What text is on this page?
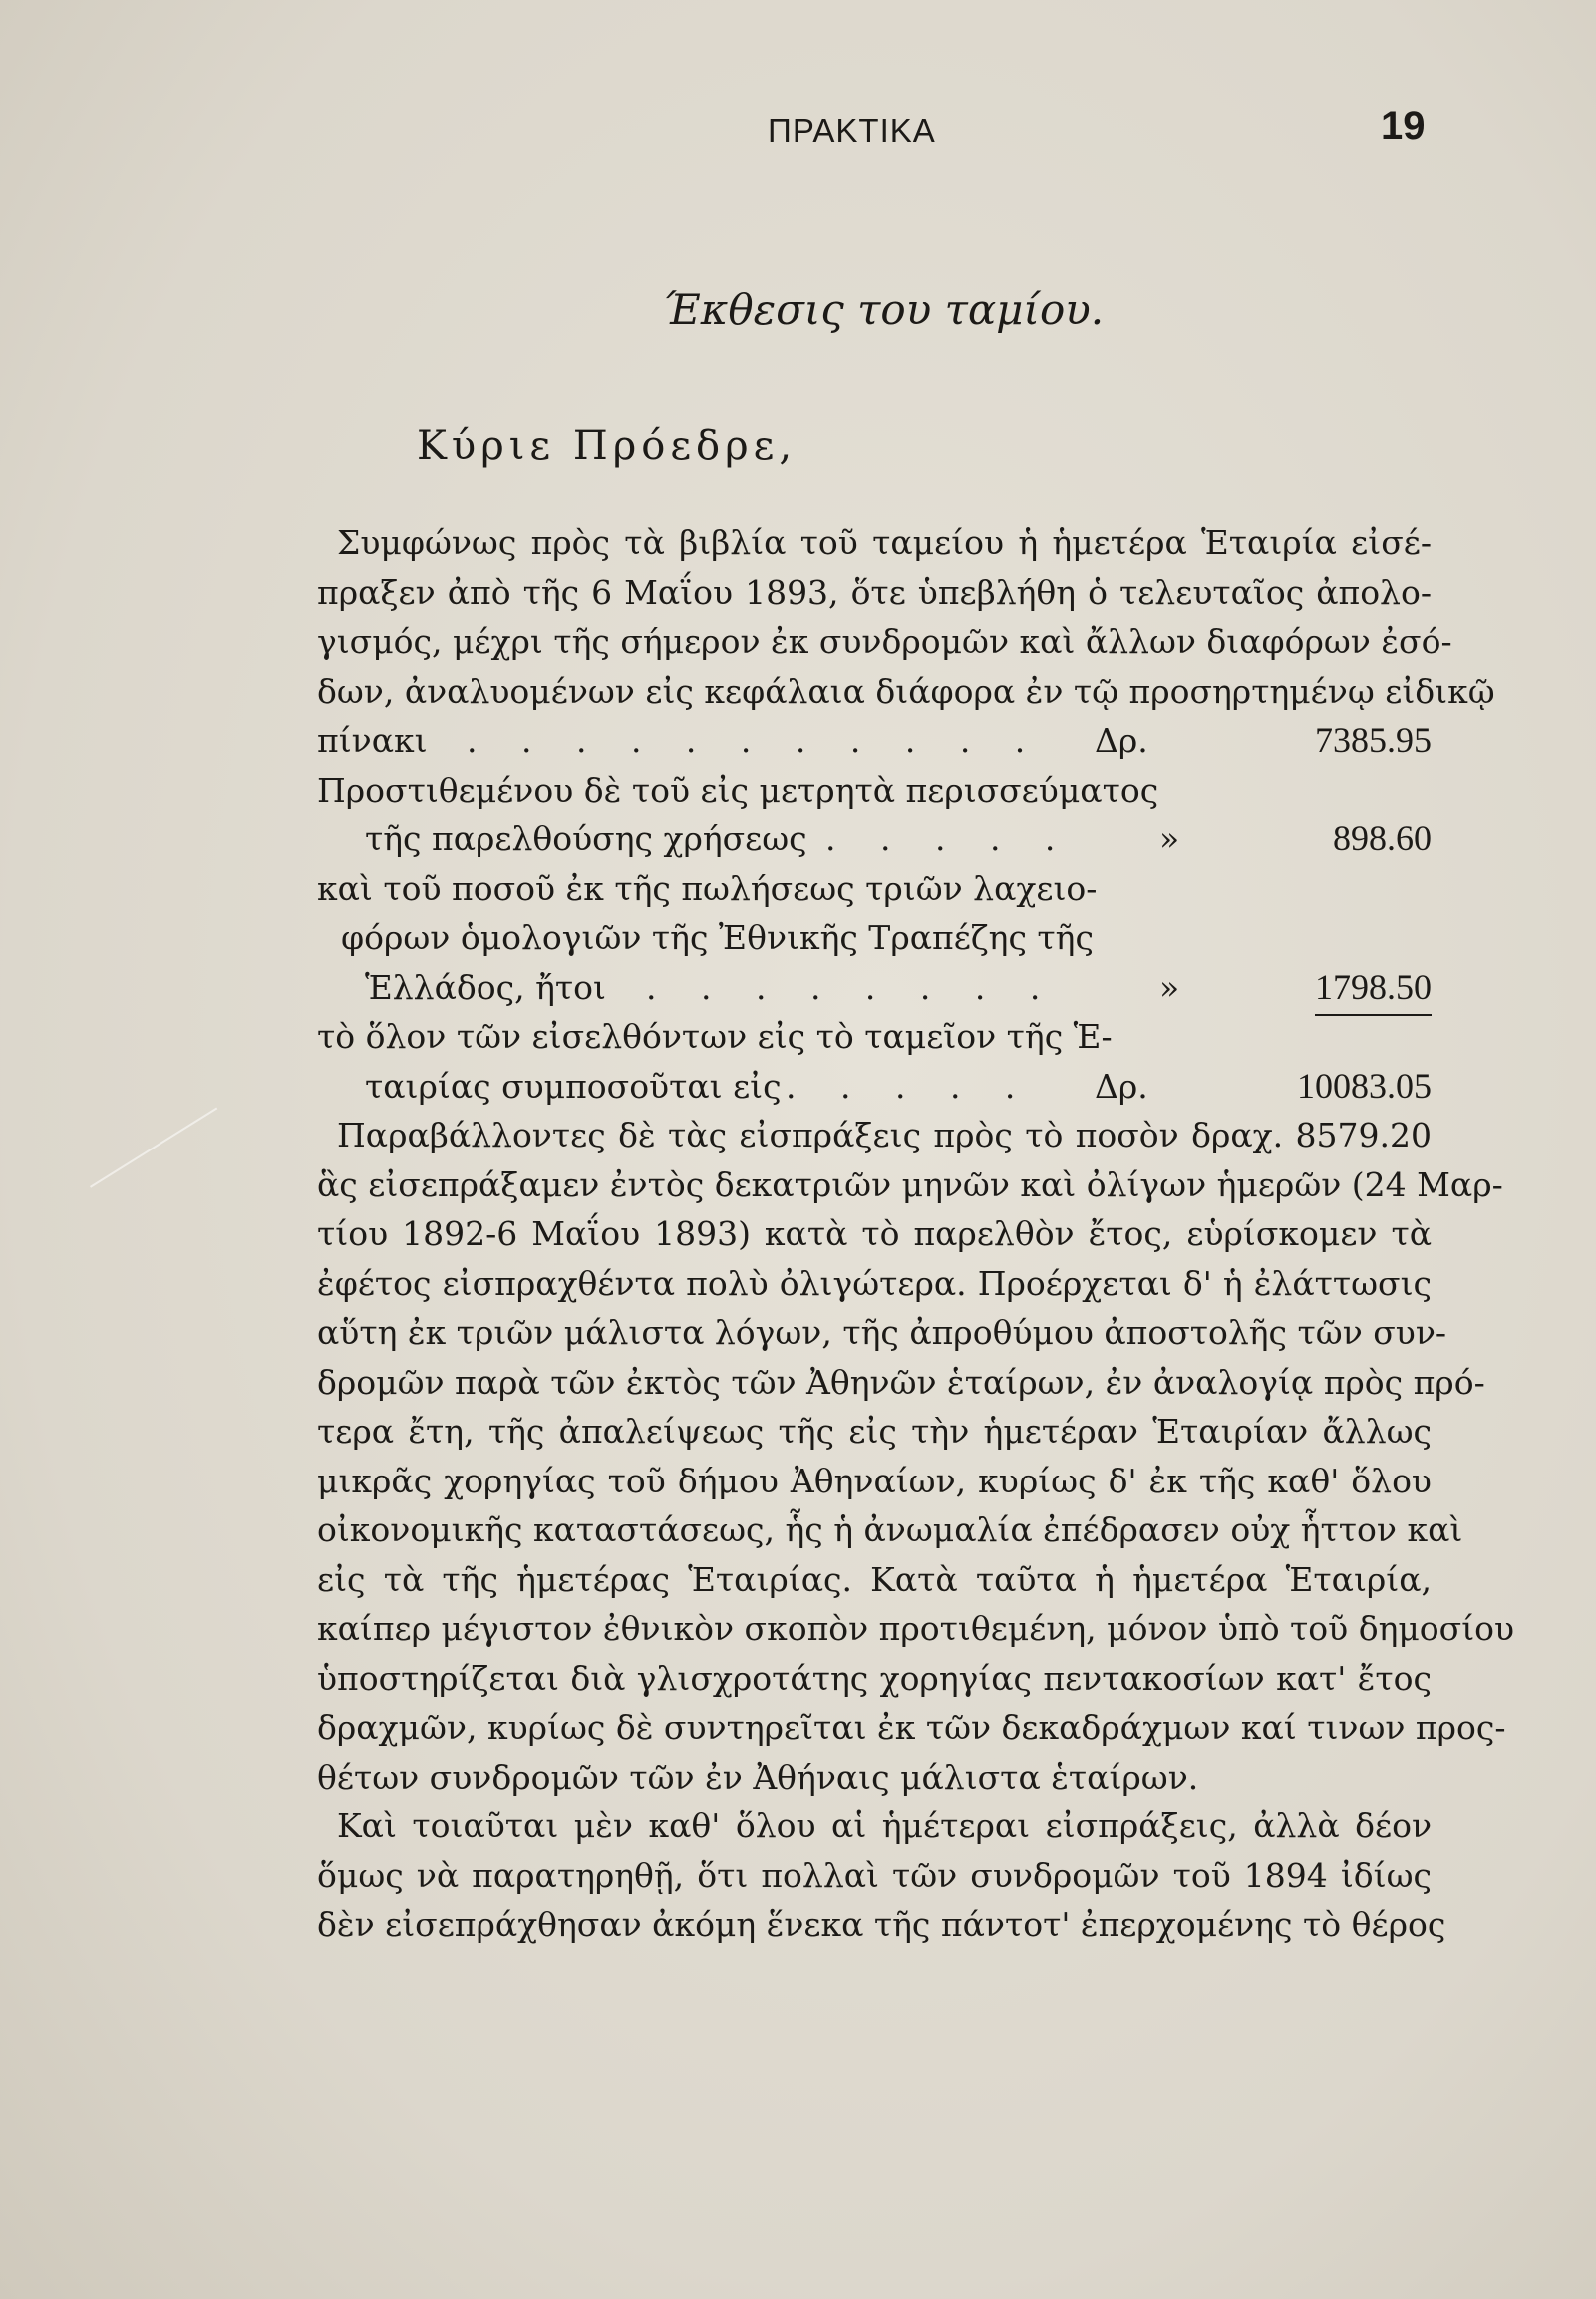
ΠΡΑΚΤΙΚΑ	19
Έκθεσις του ταμίου.
Κύριε Πρόεδρε,
Συμφώνως πρὸς τὰ βιβλία τοῦ ταμείου ἡ ἡμετέρα Ἑταιρία εἰσέ-
πραξεν ἀπὸ τῆς 6 Μαΐου 1893, ὅτε ὑπεβλήθη ὁ τελευταῖος ἀπολο-
γισμός, μέχρι τῆς σήμερον ἐκ συνδρομῶν καὶ ἄλλων διαφόρων ἐσό-
δων, ἀναλυομένων εἰς κεφάλαια διάφορα ἐν τῷ προσηρτημένῳ εἰδικῷ
πίνακι . . . . . . . . . . . Δρ.	7385.95
Προστιθεμένου δὲ τοῦ εἰς μετρητὰ περισσεύματος
τῆς παρελθούσης χρήσεως . . . . .	»	898.60
καὶ τοῦ ποσοῦ ἐκ τῆς πωλήσεως τριῶν λαχειο-
φόρων ὁμολογιῶν τῆς Ἐθνικῆς Τραπέζης τῆς
Ἑλλάδος, ἤτοι . . . . . . . .	»	1798.50
τὸ ὅλον τῶν εἰσελθόντων εἰς τὸ ταμεῖον τῆς Ἑ-
ταιρίας συμποσοῦται εἰς . . . . . Δρ.	10083.05
Παραβάλλοντες δὲ τὰς εἰσπράξεις πρὸς τὸ ποσὸν δραχ. 8579.20
ἃς εἰσεπράξαμεν ἐντὸς δεκατριῶν μηνῶν καὶ ὀλίγων ἡμερῶν (24 Μαρ-
τίου 1892-6 Μαΐου 1893) κατὰ τὸ παρελθὸν ἔτος, εὑρίσκομεν τὰ
ἐφέτος εἰσπραχθέντα πολὺ ὀλιγώτερα. Προέρχεται δ' ἡ ἐλάττωσις
αὕτη ἐκ τριῶν μάλιστα λόγων, τῆς ἀπροθύμου ἀποστολῆς τῶν συν-
δρομῶν παρὰ τῶν ἐκτὸς τῶν Ἀθηνῶν ἑταίρων, ἐν ἀναλογίᾳ πρὸς πρό-
τερα ἔτη, τῆς ἀπαλείψεως τῆς εἰς τὴν ἡμετέραν Ἑταιρίαν ἄλλως
μικρᾶς χορηγίας τοῦ δήμου Ἀθηναίων, κυρίως δ' ἐκ τῆς καθ' ὅλου
οἰκονομικῆς καταστάσεως, ἧς ἡ ἀνωμαλία ἐπέδρασεν οὐχ ἧττον καὶ
εἰς τὰ τῆς ἡμετέρας Ἑταιρίας. Κατὰ ταῦτα ἡ ἡμετέρα Ἑταιρία,
καίπερ μέγιστον ἐθνικὸν σκοπὸν προτιθεμένη, μόνον ὑπὸ τοῦ δημοσίου
ὑποστηρίζεται διὰ γλισχροτάτης χορηγίας πεντακοσίων κατ' ἔτος
δραχμῶν, κυρίως δὲ συντηρεῖται ἐκ τῶν δεκαδράχμων καί τινων προς-
θέτων συνδρομῶν τῶν ἐν Ἀθήναις μάλιστα ἑταίρων.
Καὶ τοιαῦται μὲν καθ' ὅλου αἱ ἡμέτεραι εἰσπράξεις, ἀλλὰ δέον
ὅμως νὰ παρατηρηθῇ, ὅτι πολλαὶ τῶν συνδρομῶν τοῦ 1894 ἰδίως
δὲν εἰσεπράχθησαν ἀκόμη ἕνεκα τῆς πάντοτ' ἐπερχομένης τὸ θέρος
